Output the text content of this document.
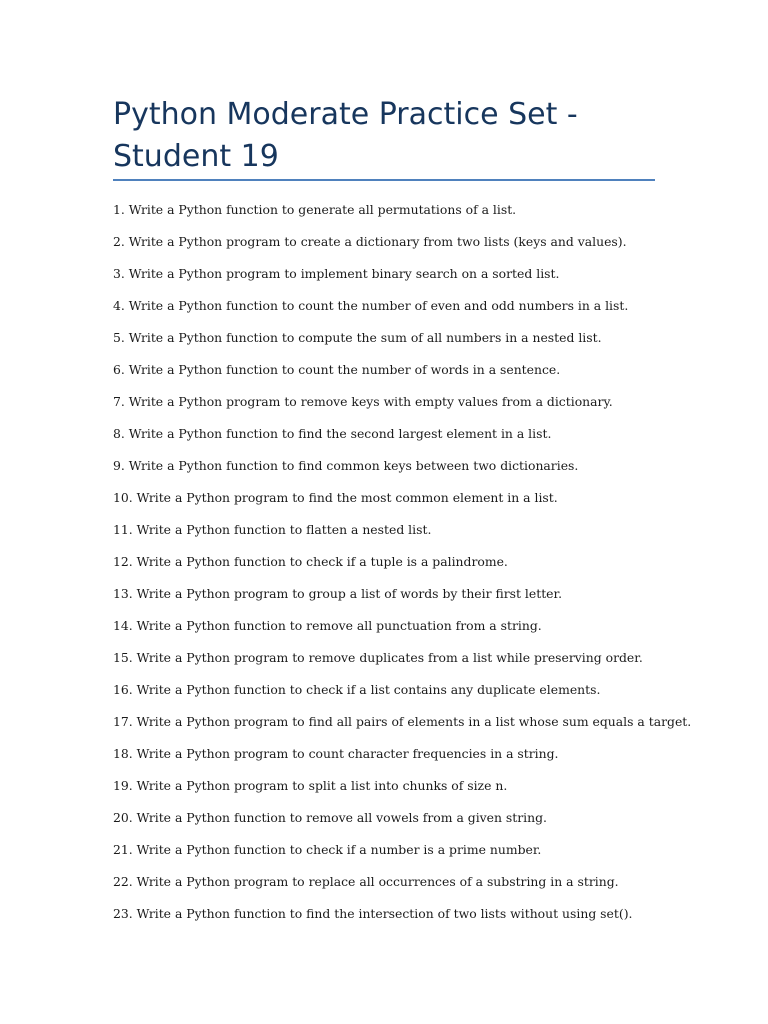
Python Moderate Practice Set - Student 19
1. Write a Python function to generate all permutations of a list.
2. Write a Python program to create a dictionary from two lists (keys and values).
3. Write a Python program to implement binary search on a sorted list.
4. Write a Python function to count the number of even and odd numbers in a list.
5. Write a Python function to compute the sum of all numbers in a nested list.
6. Write a Python function to count the number of words in a sentence.
7. Write a Python program to remove keys with empty values from a dictionary.
8. Write a Python function to find the second largest element in a list.
9. Write a Python function to find common keys between two dictionaries.
10. Write a Python program to find the most common element in a list.
11. Write a Python function to flatten a nested list.
12. Write a Python function to check if a tuple is a palindrome.
13. Write a Python program to group a list of words by their first letter.
14. Write a Python function to remove all punctuation from a string.
15. Write a Python program to remove duplicates from a list while preserving order.
16. Write a Python function to check if a list contains any duplicate elements.
17. Write a Python program to find all pairs of elements in a list whose sum equals a target.
18. Write a Python program to count character frequencies in a string.
19. Write a Python program to split a list into chunks of size n.
20. Write a Python function to remove all vowels from a given string.
21. Write a Python function to check if a number is a prime number.
22. Write a Python program to replace all occurrences of a substring in a string.
23. Write a Python function to find the intersection of two lists without using set().
